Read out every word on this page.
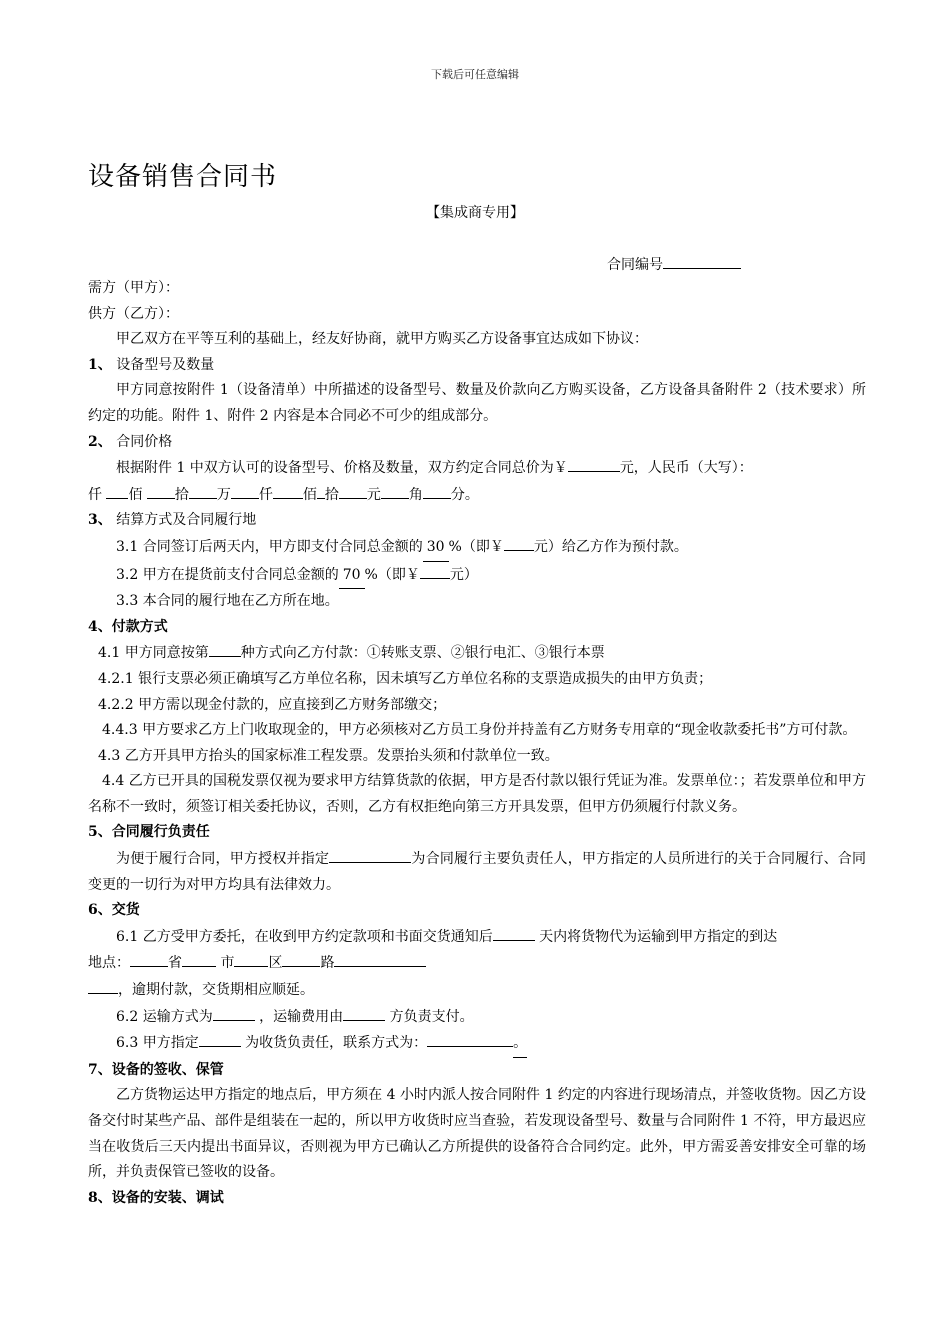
下载后可任意编辑
设备销售合同书
【集成商专用】
合同编号
需方（甲方）：
供方（乙方）：
甲乙双方在平等互利的基础上，经友好协商，就甲方购买乙方设备事宜达成如下协议：
1、 设备型号及数量
甲方同意按附件 1（设备清单）中所描述的设备型号、数量及价款向乙方购买设备，乙方设备具备附件 2（技术要求）所约定的功能。附件 1、附件 2 内容是本合同必不可少的组成部分。
2、 合同价格
根据附件 1 中双方认可的设备型号、价格及数量，双方约定合同总价为￥	元，人民币（大写）：
仟 佰 拾 万 仟 佰 拾 元 角 分。
3、 结算方式及合同履行地
3.1 合同签订后两天内，甲方即支付合同总金额的 30 %（即￥ 元）给乙方作为预付款。
3.2 甲方在提货前支付合同总金额的 70 %（即￥ 元）
3.3 本合同的履行地在乙方所在地。
4、付款方式
4.1 甲方同意按第 种方式向乙方付款：①转账支票、②银行电汇、③银行本票
4.2.1 银行支票必须正确填写乙方单位名称，因未填写乙方单位名称的支票造成损失的由甲方负责；
4.2.2 甲方需以现金付款的，应直接到乙方财务部缴交；
4.4.3 甲方要求乙方上门收取现金的，甲方必须核对乙方员工身份并持盖有乙方财务专用章的“现金收款委托书”方可付款。
4.3 乙方开具甲方抬头的国家标准工程发票。发票抬头须和付款单位一致。
4.4 乙方已开具的国税发票仅视为要求甲方结算货款的依据，甲方是否付款以银行凭证为准。发票单位：；若发票单位和甲方名称不一致时，须签订相关委托协议，否则，乙方有权拒绝向第三方开具发票，但甲方仍须履行付款义务。
5、合同履行负责任
为便于履行合同，甲方授权并指定	为合同履行主要负责任人，甲方指定的人员所进行的关于合同履行、合同变更的一切行为对甲方均具有法律效力。
6、交货
6.1 乙方受甲方委托，在收到甲方约定款项和书面交货通知后	天内将货物代为运输到甲方指定的到达
地点：	省	市 区	路
，逾期付款，交货期相应顺延。
6.2 运输方式为	，运输费用由	方负责支付。
6.3 甲方指定	为收货负责任，联系方式为：	。
7、设备的签收、保管
乙方货物运达甲方指定的地点后，甲方须在 4 小时内派人按合同附件 1 约定的内容进行现场清点，并签收货物。因乙方设备交付时某些产品、部件是组装在一起的，所以甲方收货时应当查验，若发现设备型号、数量与合同附件 1 不符，甲方最迟应当在收货后三天内提出书面异议，否则视为甲方已确认乙方所提供的设备符合合同约定。此外，甲方需妥善安排安全可靠的场所，并负责保管已签收的设备。
8、设备的安装、调试
